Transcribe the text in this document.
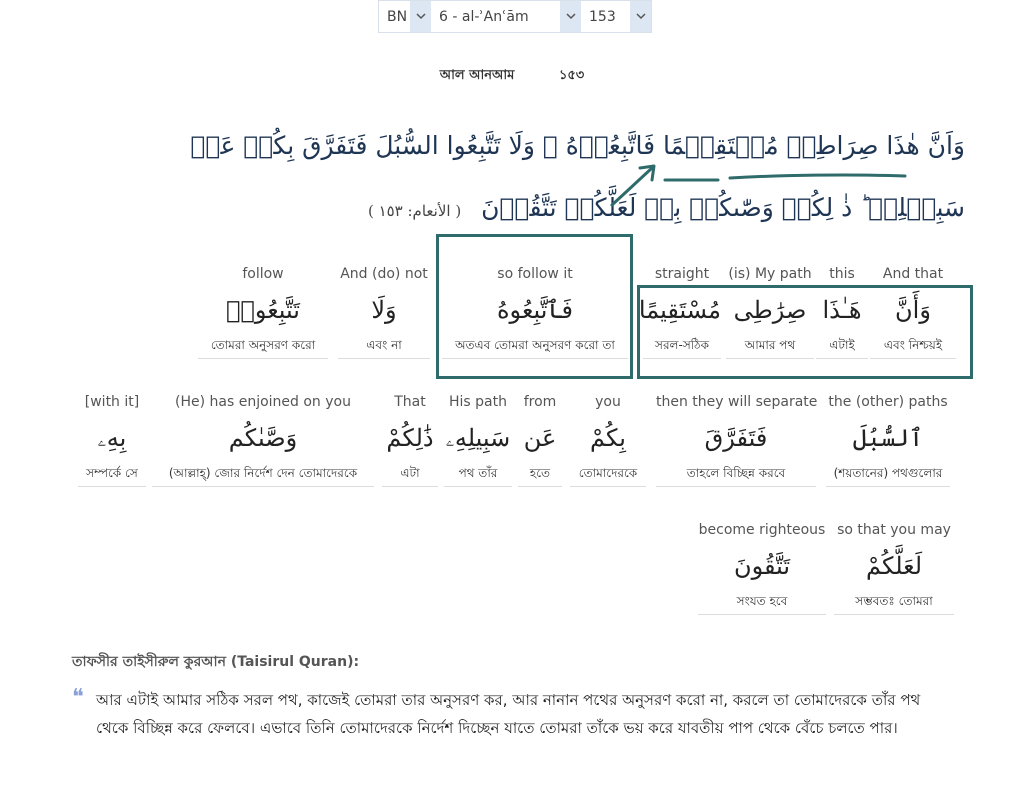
BN 6 - al-ʾAnʿām	153
আল আনআম	১৫৩
وَاَنَّ هٰذَا صِرَاطِيۡ مُسۡتَقِيۡمًا فَاتَّبِعُوۡهُ‌ ۚ وَلَا تَتَّبِعُوا السُّبُلَ فَتَفَرَّقَ بِكُمۡ عَنۡ سَبِيۡلِهٖ‌ ؕ ذٰ لِكُمۡ وَصّٰٮكُمۡ بِهٖ لَعَلَّكُمۡ تَتَّقُوۡنَ ( الأنعام: ١٥٣ )
And that
وَأَنَّ
এবং নিশ্চয়ই
this
هَـٰذَا
এটাই
(is) My path
صِرَٰطِى
আমার পথ
straight
مُسْتَقِيمًا
সরল-সঠিক
so follow it
فَٱتَّبِعُوهُ
অতএব তোমরা অনুসরণ করো তা
And (do) not
وَلَا
এবং না
follow
تَتَّبِعُوا۟
তোমরা অনুসরণ করো
the (other) paths
ٱلسُّبُلَ
(শয়তানের) পথগুলোর
then they will separate
فَتَفَرَّقَ
তাহলে বিচ্ছিন্ন করবে
you
بِكُمْ
তোমাদেরকে
from
عَن
হতে
His path
سَبِيلِهِۦ
পথ তাঁর
That
ذَٰلِكُمْ
এটা
(He) has enjoined on you
وَصَّىٰكُم
(আল্লাহ্) জোর নির্দেশ দেন তোমাদেরকে
[with it]
بِهِۦ
সম্পর্কে সে
so that you may
لَعَلَّكُمْ
সম্ভবতঃ তোমরা
become righteous
تَتَّقُونَ
সংযত হবে
তাফসীর তাইসীরুল কুরআন (Taisirul Quran):
❝ আর এটাই আমার সঠিক সরল পথ, কাজেই তোমরা তার অনুসরণ কর, আর নানান পথের অনুসরণ করো না, করলে তা তোমাদেরকে তাঁর পথ থেকে বিচ্ছিন্ন করে ফেলবে। এভাবে তিনি তোমাদেরকে নির্দেশ দিচ্ছেন যাতে তোমরা তাঁকে ভয় করে যাবতীয় পাপ থেকে বেঁচে চলতে পার।
